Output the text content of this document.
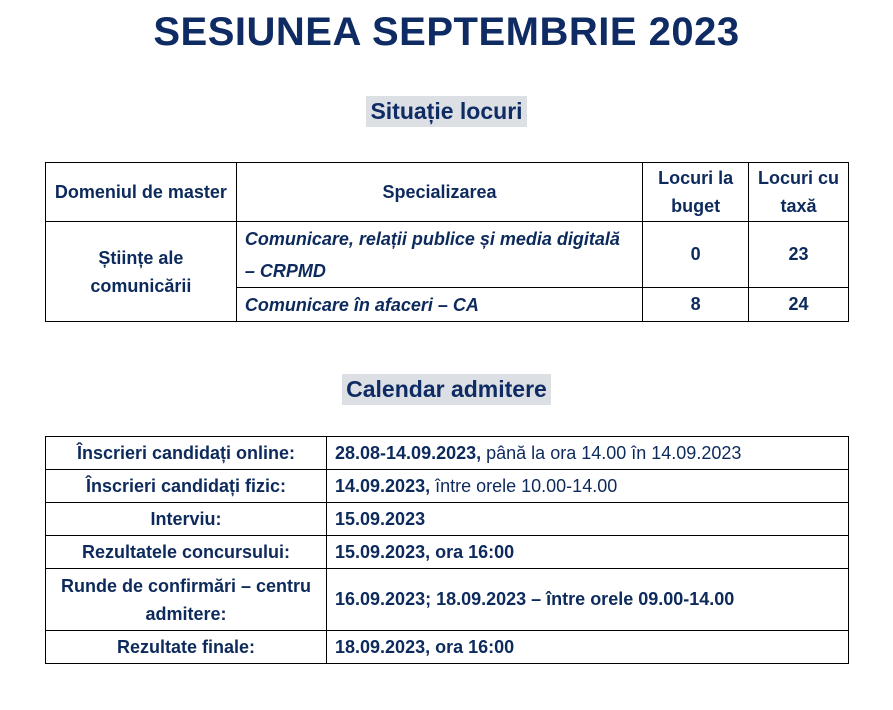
SESIUNEA SEPTEMBRIE 2023
Situație locuri
Domeniul de master	Specializarea	Locuri la buget	Locuri cu taxă
Științe ale comunicării	Comunicare, relații publice și media digitală – CRPMD	0	23
	Comunicare în afaceri – CA	8	24
Calendar admitere
Înscrieri candidați online:	28.08-14.09.2023, până la ora 14.00 în 14.09.2023
Înscrieri candidați fizic:	14.09.2023, între orele 10.00-14.00
Interviu:	15.09.2023
Rezultatele concursului:	15.09.2023, ora 16:00
Runde de confirmări – centru admitere:	16.09.2023; 18.09.2023 – între orele 09.00-14.00
Rezultate finale:	18.09.2023, ora 16:00
